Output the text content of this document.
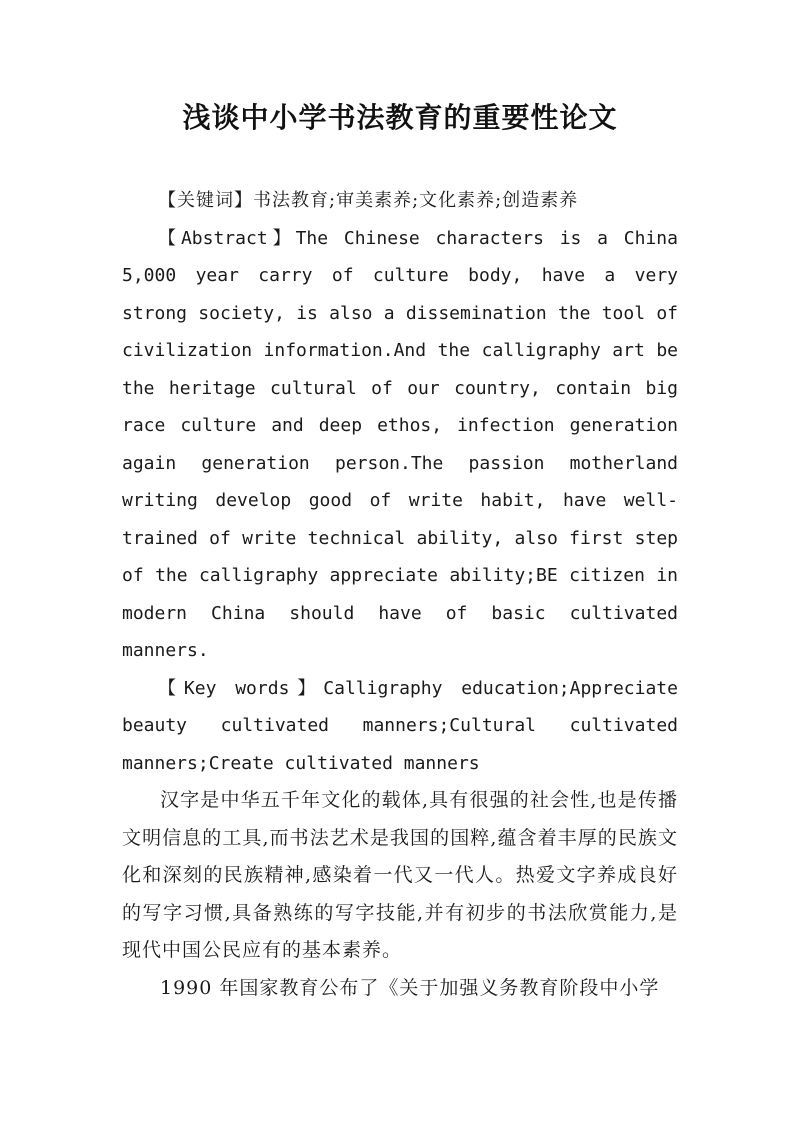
浅谈中小学书法教育的重要性论文

【关键词】书法教育;审美素养;文化素养;创造素养

【Abstract】The Chinese characters is a China 5,000 year carry of culture body, have a very strong society, is also a dissemination the tool of civilization information.And the calligraphy art be the heritage cultural of our country, contain big race culture and deep ethos, infection generation again generation person.The passion motherland writing develop good of write habit, have well-trained of write technical ability, also first step of the calligraphy appreciate ability;BE citizen in modern China should have of basic cultivated manners.

【Key words】Calligraphy education;Appreciate beauty cultivated manners;Cultural cultivated manners;Create cultivated manners

汉字是中华五千年文化的载体,具有很强的社会性,也是传播文明信息的工具,而书法艺术是我国的国粹,蕴含着丰厚的民族文化和深刻的民族精神,感染着一代又一代人。热爱文字养成良好的写字习惯,具备熟练的写字技能,并有初步的书法欣赏能力,是现代中国公民应有的基本素养。

1990 年国家教育公布了《关于加强义务教育阶段中小学
